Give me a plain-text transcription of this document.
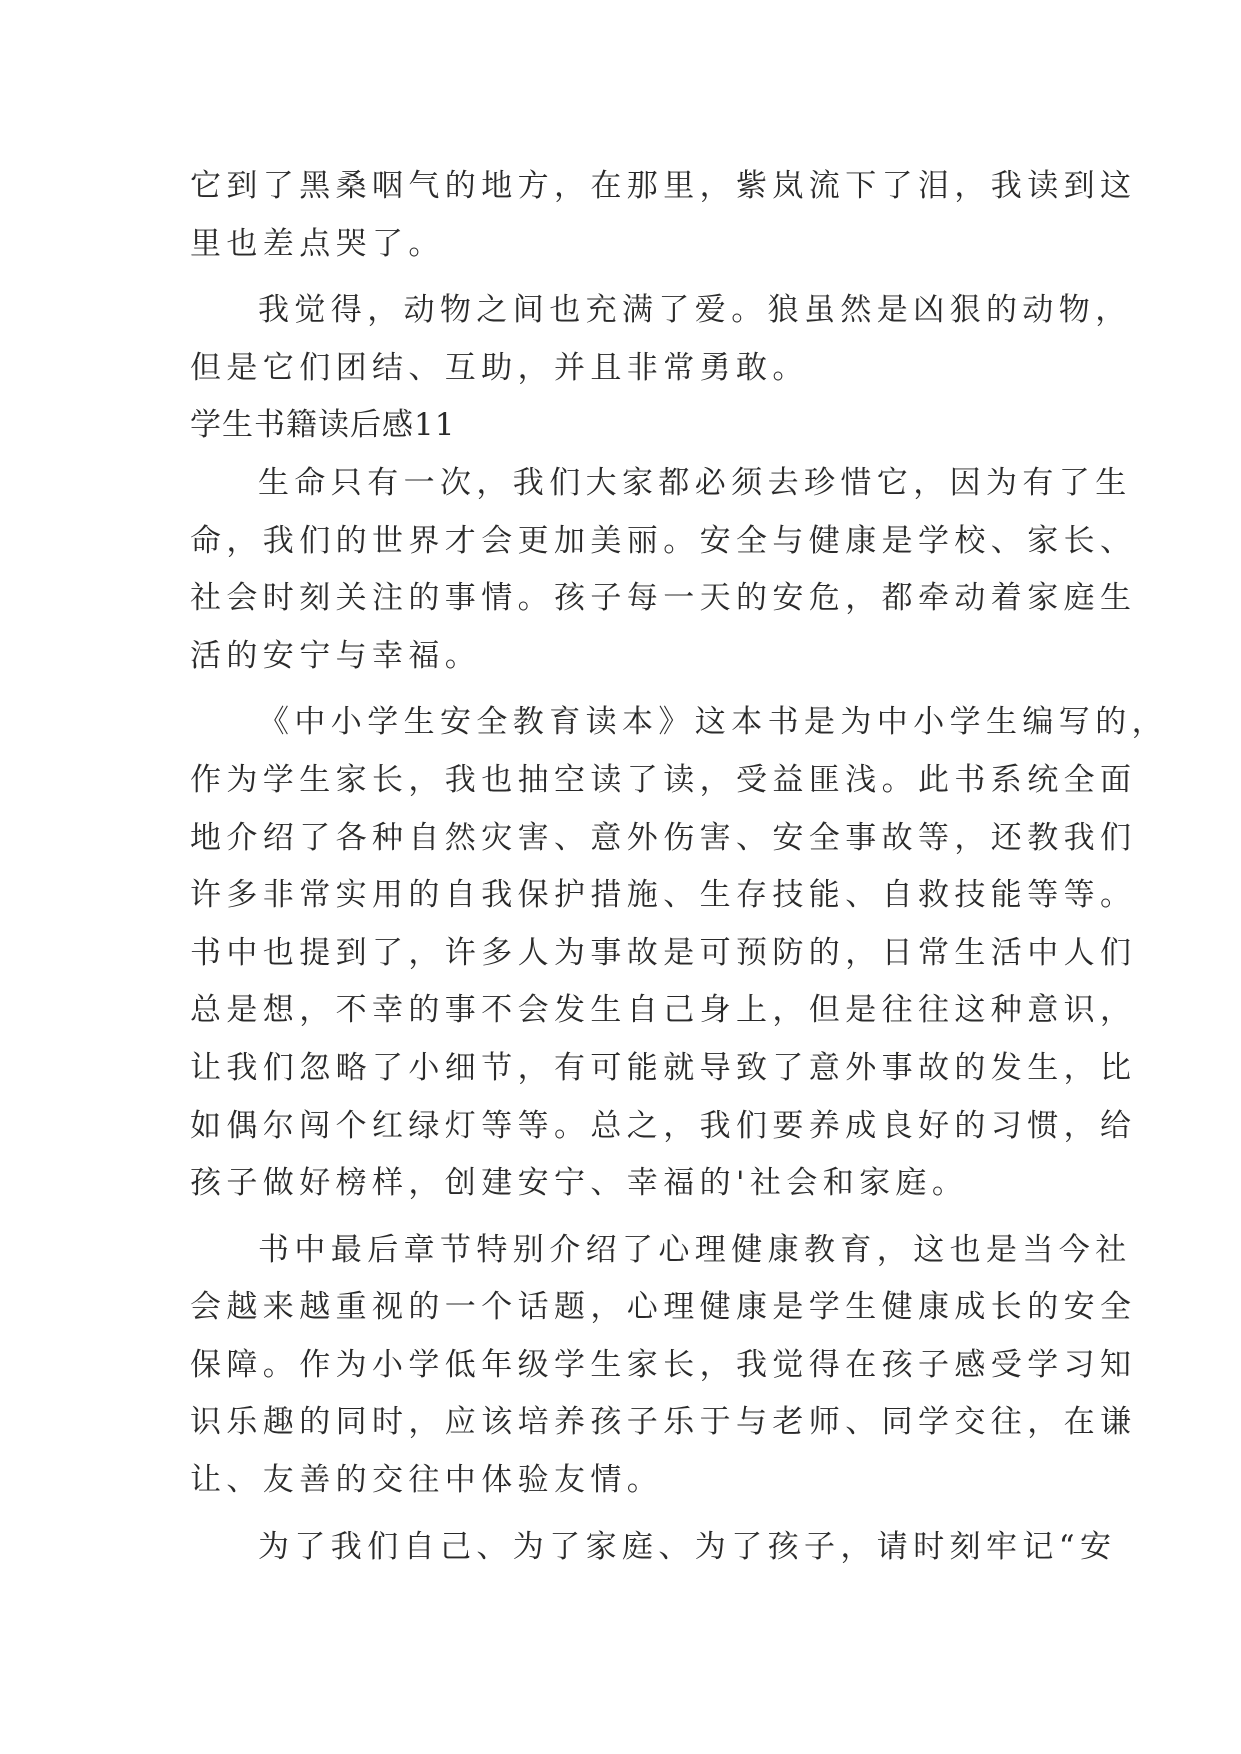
它到了黑桑咽气的地方，在那里，紫岚流下了泪，我读到这
里也差点哭了。
我觉得，动物之间也充满了爱。狼虽然是凶狠的动物，
但是它们团结、互助，并且非常勇敢。
学生书籍读后感11
生命只有一次，我们大家都必须去珍惜它，因为有了生
命，我们的世界才会更加美丽。安全与健康是学校、家长、
社会时刻关注的事情。孩子每一天的安危，都牵动着家庭生
活的安宁与幸福。
《中小学生安全教育读本》这本书是为中小学生编写的，
作为学生家长，我也抽空读了读，受益匪浅。此书系统全面
地介绍了各种自然灾害、意外伤害、安全事故等，还教我们
许多非常实用的自我保护措施、生存技能、自救技能等等。
书中也提到了，许多人为事故是可预防的，日常生活中人们
总是想，不幸的事不会发生自己身上，但是往往这种意识，
让我们忽略了小细节，有可能就导致了意外事故的发生，比
如偶尔闯个红绿灯等等。总之，我们要养成良好的习惯，给
孩子做好榜样，创建安宁、幸福的'社会和家庭。
书中最后章节特别介绍了心理健康教育，这也是当今社
会越来越重视的一个话题，心理健康是学生健康成长的安全
保障。作为小学低年级学生家长，我觉得在孩子感受学习知
识乐趣的同时，应该培养孩子乐于与老师、同学交往，在谦
让、友善的交往中体验友情。
为了我们自己、为了家庭、为了孩子，请时刻牢记“安
